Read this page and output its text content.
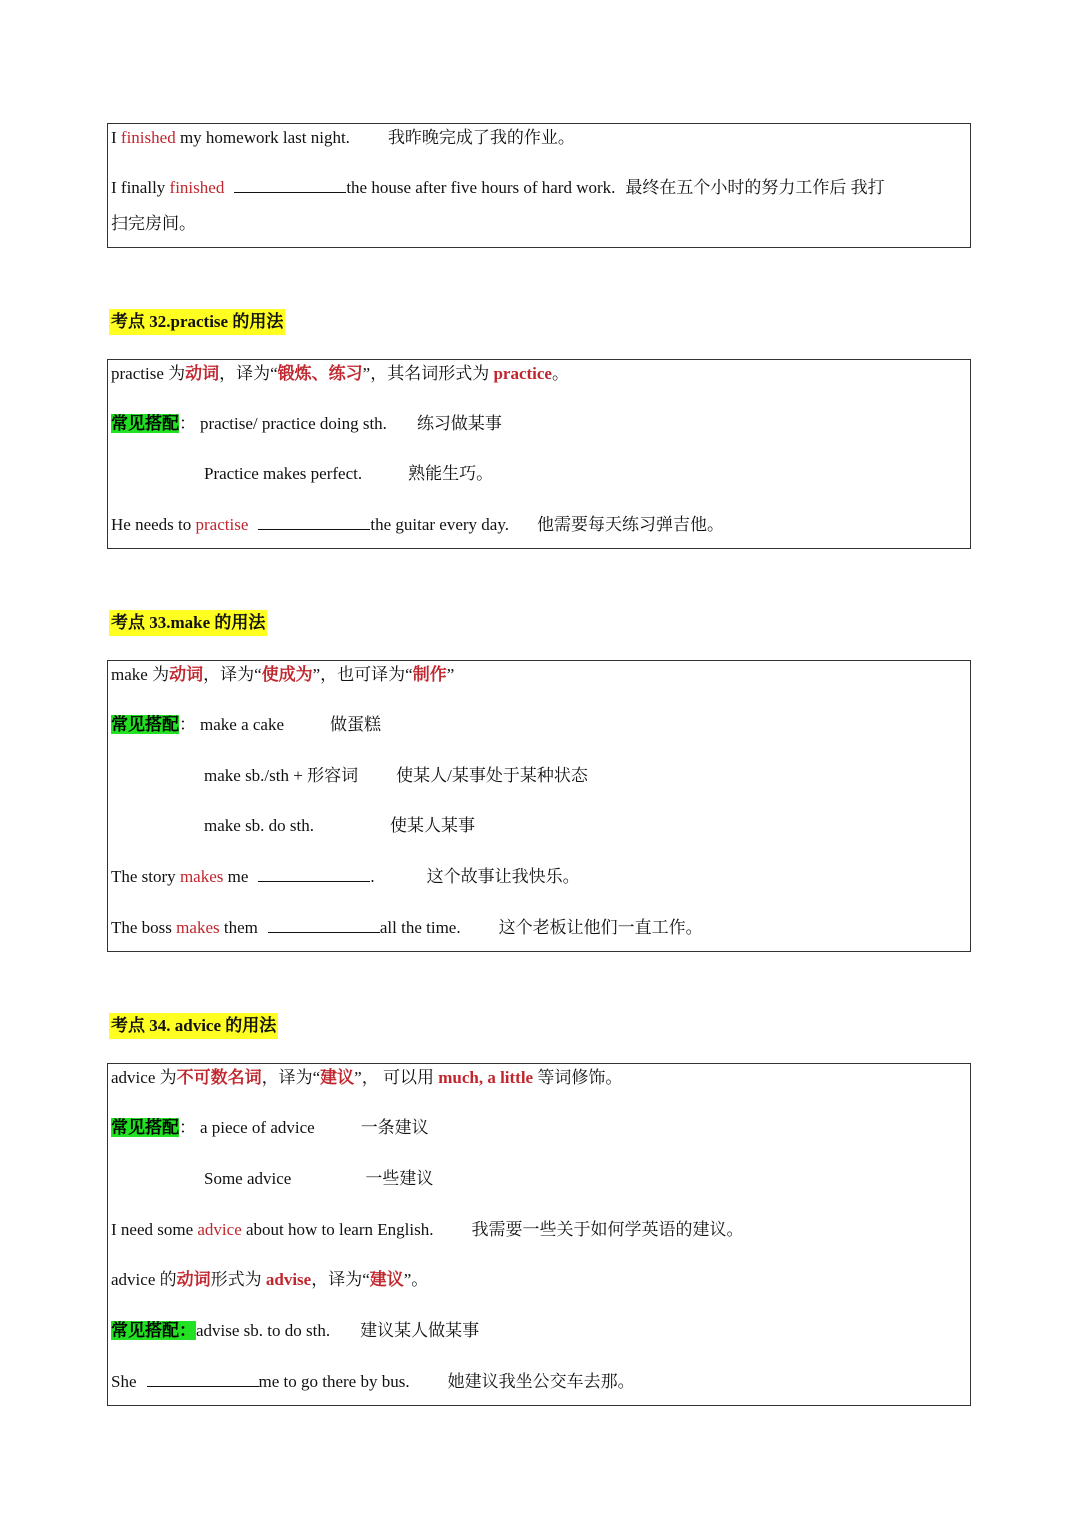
I finished my homework last night. 我昨晚完成了我的作业。
I finally finished	the house after five hours of hard work. 最终在五个小时的努力工作后 我打
扫完房间。
考点 32.practise 的用法
practise 为动词，译为“锻炼、练习”，其名词形式为 practice。
常见搭配： practise/ practice doing sth. 练习做某事
Practice makes perfect.	熟能生巧。
He needs to practise	the guitar every day. 他需要每天练习弹吉他。
考点 33.make 的用法
make 为动词，译为“使成为”，也可译为“制作”
常见搭配： make a cake	做蛋糕
make sb./sth + 形容词 使某人/某事处于某种状态
make sb. do sth.	使某人某事
The story makes me	.	这个故事让我快乐。
The boss makes them	all the time. 这个老板让他们一直工作。
考点 34. advice 的用法
advice 为不可数名词，译为“建议”， 可以用 much, a little 等词修饰。
常见搭配： a piece of advice	一条建议
Some advice	一些建议
I need some advice about how to learn English. 我需要一些关于如何学英语的建议。
advice 的动词形式为 advise，译为“建议”。
常见搭配：advise sb. to do sth. 建议某人做某事
She	me to go there by bus. 她建议我坐公交车去那。
